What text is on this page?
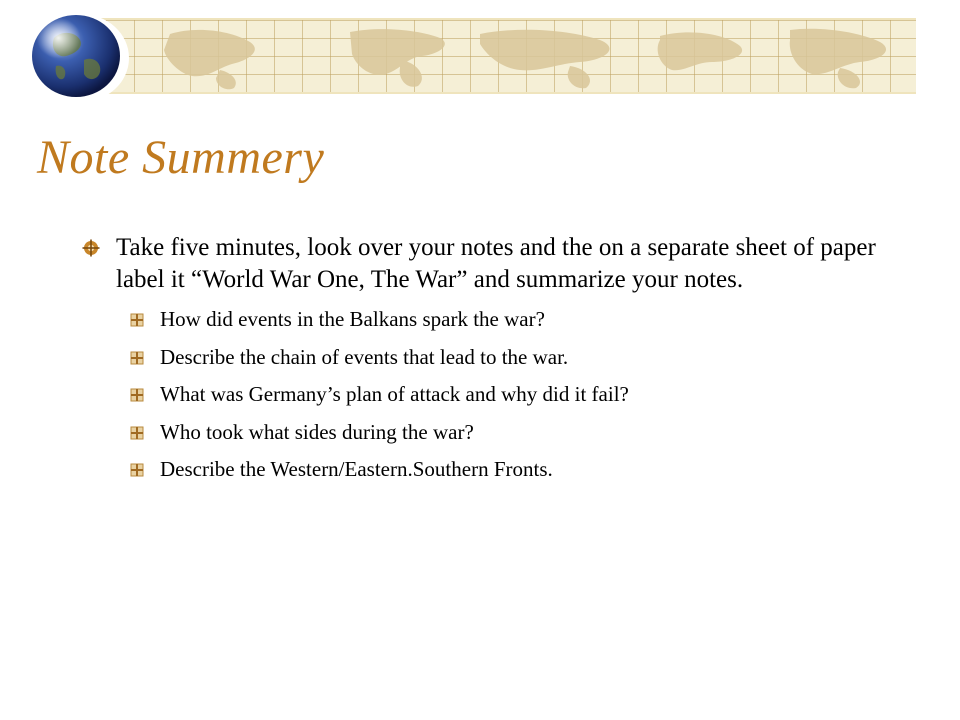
Note Summery

Take five minutes, look over your notes and the on a separate sheet of paper label it “World War One, The War” and summarize your notes.

How did events in the Balkans spark the war?
Describe the chain of events that lead to the war.
What was Germany’s plan of attack and why did it fail?
Who took what sides during the war?
Describe the Western/Eastern.Southern Fronts.
